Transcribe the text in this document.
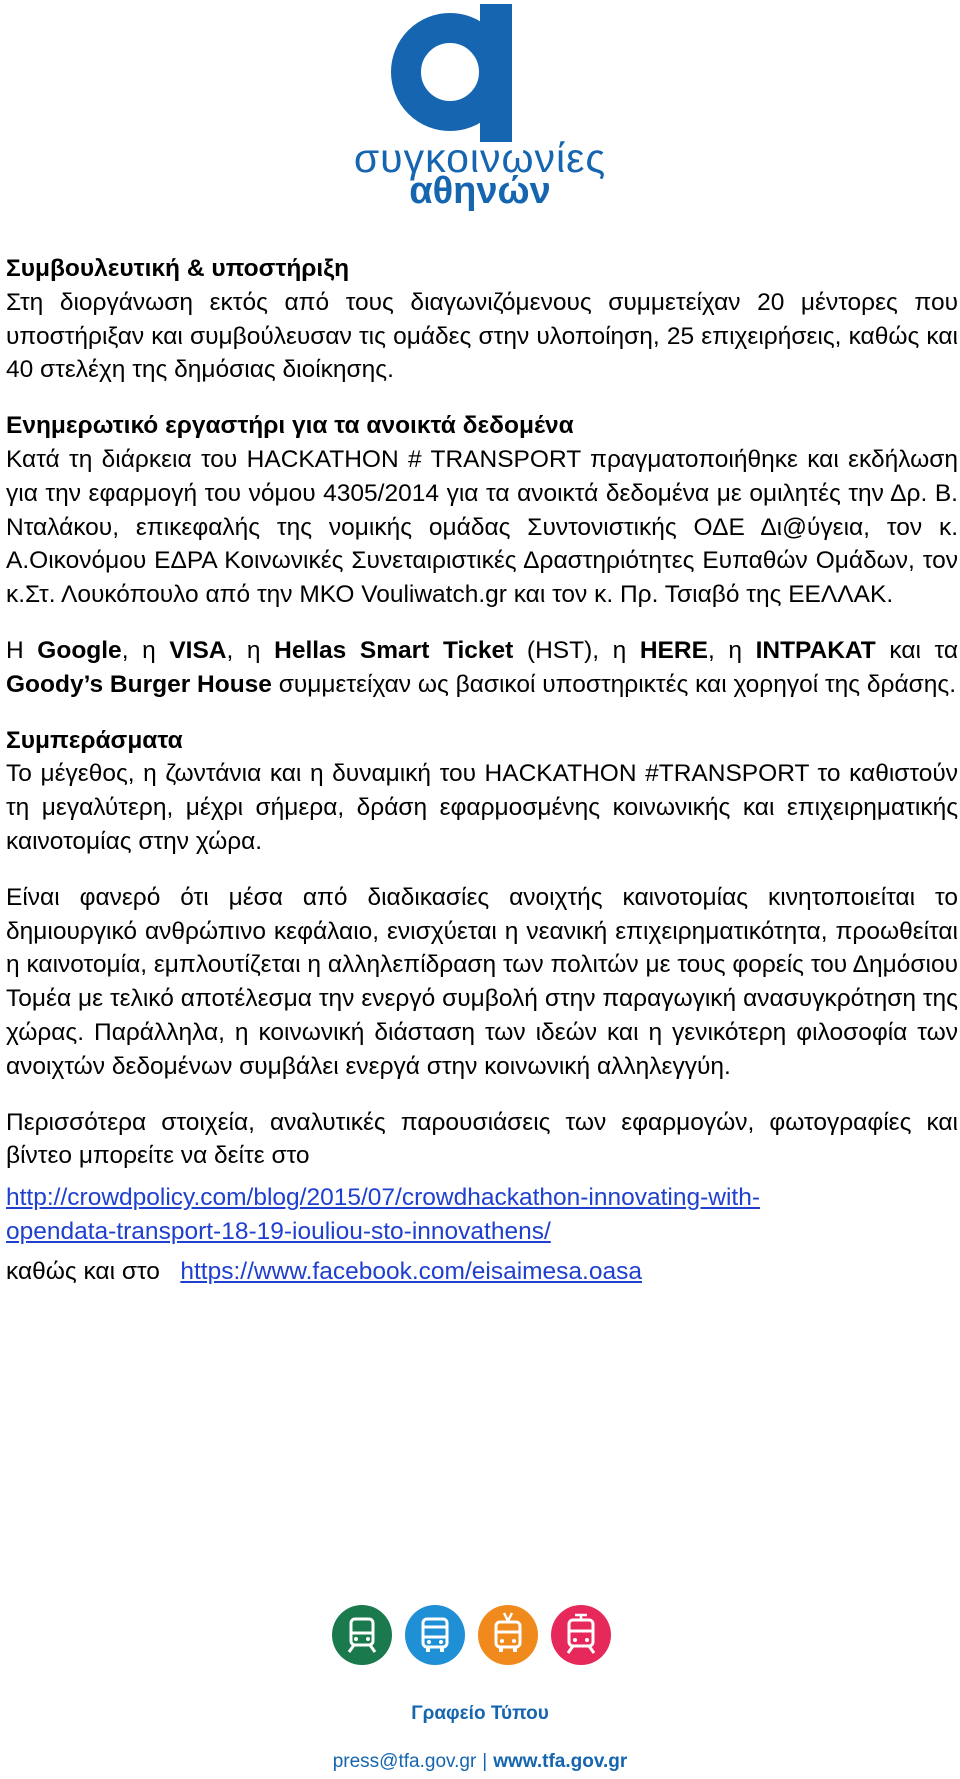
συγκοινωνίες
αθηνών

Συμβουλευτική & υποστήριξη
Στη διοργάνωση εκτός από τους διαγωνιζόμενους συμμετείχαν 20 μέντορες που υποστήριξαν και συμβούλευσαν τις ομάδες στην υλοποίηση, 25 επιχειρήσεις, καθώς και 40 στελέχη της δημόσιας διοίκησης.

Ενημερωτικό εργαστήρι για τα ανοικτά δεδομένα
Κατά τη διάρκεια του HACKATHON # TRANSPORT πραγματοποιήθηκε και εκδήλωση για την εφαρμογή του νόμου 4305/2014 για τα ανοικτά δεδομένα με ομιλητές την Δρ. Β. Νταλάκου, επικεφαλής της νομικής ομάδας Συντονιστικής ΟΔΕ Δι@ύγεια, τον κ. Α.Οικονόμου ΕΔΡΑ Κοινωνικές Συνεταιριστικές Δραστηριότητες Ευπαθών Ομάδων, τον κ.Στ. Λουκόπουλο από την ΜΚΟ Vouliwatch.gr και τον κ. Πρ. Τσιαβό της ΕΕΛΛΑΚ.

Η Google, η VISA, η Hellas Smart Ticket (HST), η HERE, η INTPAKAT και τα Goody’s Burger House συμμετείχαν ως βασικοί υποστηρικτές και χορηγοί της δράσης.

Συμπεράσματα
Το μέγεθος, η ζωντάνια και η δυναμική του HACKATHON #TRANSPORT το καθιστούν τη μεγαλύτερη, μέχρι σήμερα, δράση εφαρμοσμένης κοινωνικής και επιχειρηματικής καινοτομίας στην χώρα.

Είναι φανερό ότι μέσα από διαδικασίες ανοιχτής καινοτομίας κινητοποιείται το δημιουργικό ανθρώπινο κεφάλαιο, ενισχύεται η νεανική επιχειρηματικότητα, προωθείται η καινοτομία, εμπλουτίζεται η αλληλεπίδραση των πολιτών με τους φορείς του Δημόσιου Τομέα με τελικό αποτέλεσμα την ενεργό συμβολή στην παραγωγική ανασυγκρότηση της χώρας. Παράλληλα, η κοινωνική διάσταση των ιδεών και η γενικότερη φιλοσοφία των ανοιχτών δεδομένων συμβάλει ενεργά στην κοινωνική αλληλεγγύη.

Περισσότερα στοιχεία, αναλυτικές παρουσιάσεις των εφαρμογών, φωτογραφίες και βίντεο μπορείτε να δείτε στο

http://crowdpolicy.com/blog/2015/07/crowdhackathon-innovating-with-
opendata-transport-18-19-iouliou-sto-innovathens/

καθώς και στο   https://www.facebook.com/eisaimesa.oasa

Γραφείο Τύπου
press@tfa.gov.gr | www.tfa.gov.gr
